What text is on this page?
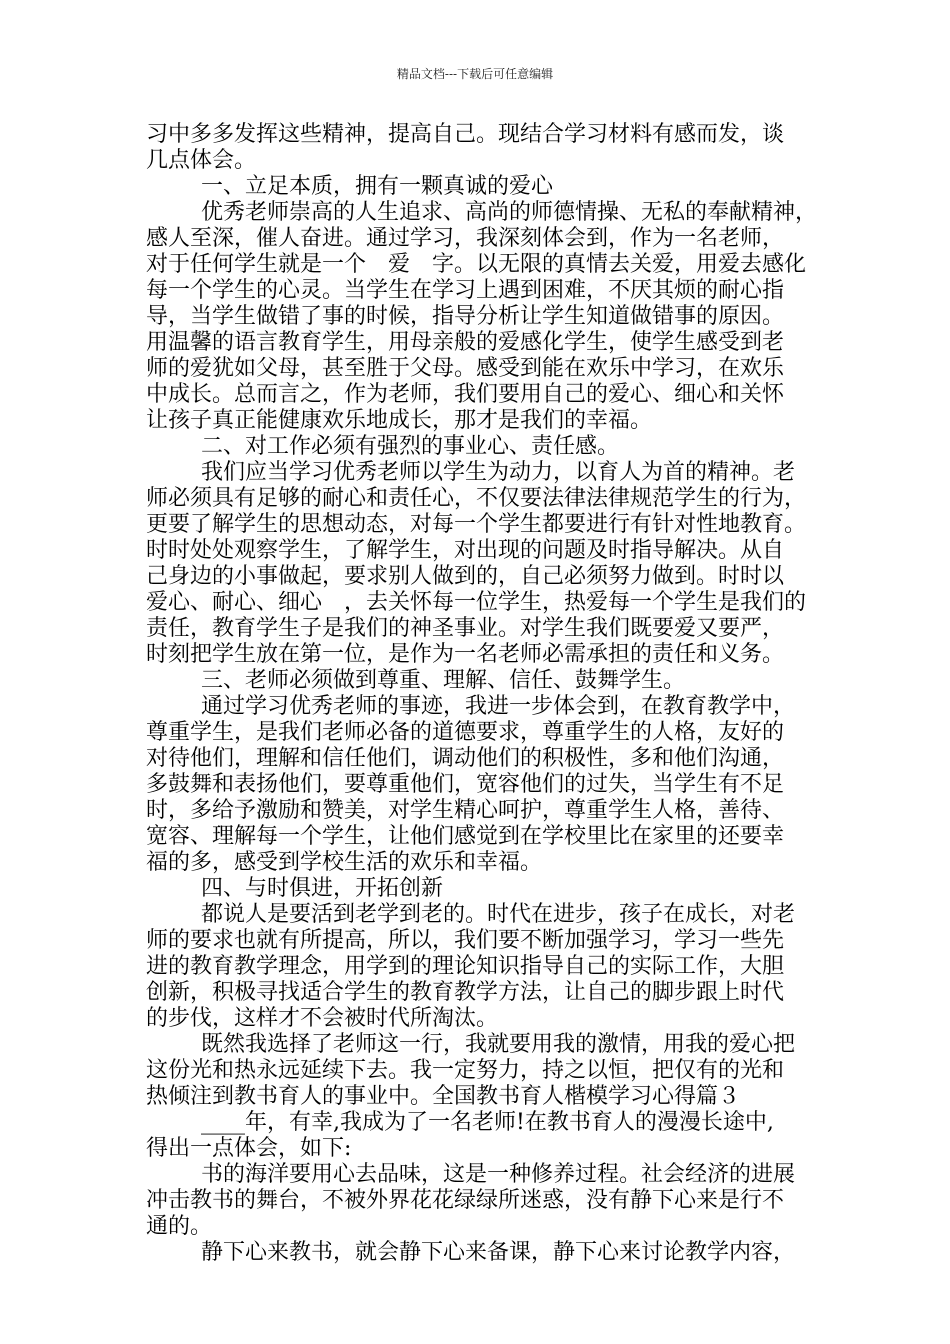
精品文档---下载后可任意编辑

习中多多发挥这些精神，提高自己。现结合学习材料有感而发，谈

几点体会。

一、立足本质，拥有一颗真诚的爱心

优秀老师崇高的人生追求、高尚的师德情操、无私的奉献精神，

感人至深，催人奋进。通过学习，我深刻体会到，作为一名老师，

对于任何学生就是一个　爱　字。以无限的真情去关爱，用爱去感化

每一个学生的心灵。当学生在学习上遇到困难，不厌其烦的耐心指

导，当学生做错了事的时候，指导分析让学生知道做错事的原因。

用温馨的语言教育学生，用母亲般的爱感化学生，使学生感受到老

师的爱犹如父母，甚至胜于父母。感受到能在欢乐中学习，在欢乐

中成长。总而言之，作为老师，我们要用自己的爱心、细心和关怀

让孩子真正能健康欢乐地成长，那才是我们的幸福。

二、对工作必须有强烈的事业心、责任感。

我们应当学习优秀老师以学生为动力，以育人为首的精神。老

师必须具有足够的耐心和责任心，不仅要法律法律规范学生的行为，

更要了解学生的思想动态，对每一个学生都要进行有针对性地教育。

时时处处观察学生，了解学生，对出现的问题及时指导解决。从自

己身边的小事做起，要求别人做到的，自己必须努力做到。时时以

爱心、耐心、细心　，去关怀每一位学生，热爱每一个学生是我们的

责任，教育学生子是我们的神圣事业。对学生我们既要爱又要严，

时刻把学生放在第一位，是作为一名老师必需承担的责任和义务。

三、老师必须做到尊重、理解、信任、鼓舞学生。

通过学习优秀老师的事迹，我进一步体会到，在教育教学中，

尊重学生，是我们老师必备的道德要求，尊重学生的人格，友好的

对待他们，理解和信任他们，调动他们的积极性，多和他们沟通，

多鼓舞和表扬他们，要尊重他们，宽容他们的过失，当学生有不足

时，多给予激励和赞美，对学生精心呵护，尊重学生人格，善待、

宽容、理解每一个学生，让他们感觉到在学校里比在家里的还要幸

福的多，感受到学校生活的欢乐和幸福。

四、与时俱进，开拓创新

都说人是要活到老学到老的。时代在进步，孩子在成长，对老

师的要求也就有所提高，所以，我们要不断加强学习，学习一些先

进的教育教学理念，用学到的理论知识指导自己的实际工作，大胆

创新，积极寻找适合学生的教育教学方法，让自己的脚步跟上时代

的步伐，这样才不会被时代所淘汰。

既然我选择了老师这一行，我就要用我的激情，用我的爱心把

这份光和热永远延续下去。我一定努力，持之以恒，把仅有的光和

热倾注到教书育人的事业中。全国教书育人楷模学习心得篇３

____年，有幸,我成为了一名老师!在教书育人的漫漫长途中,

得出一点体会，如下:

书的海洋要用心去品味，这是一种修养过程。社会经济的进展

冲击教书的舞台，不被外界花花绿绿所迷惑，没有静下心来是行不

通的。

静下心来教书，就会静下心来备课，静下心来讨论教学内容，
